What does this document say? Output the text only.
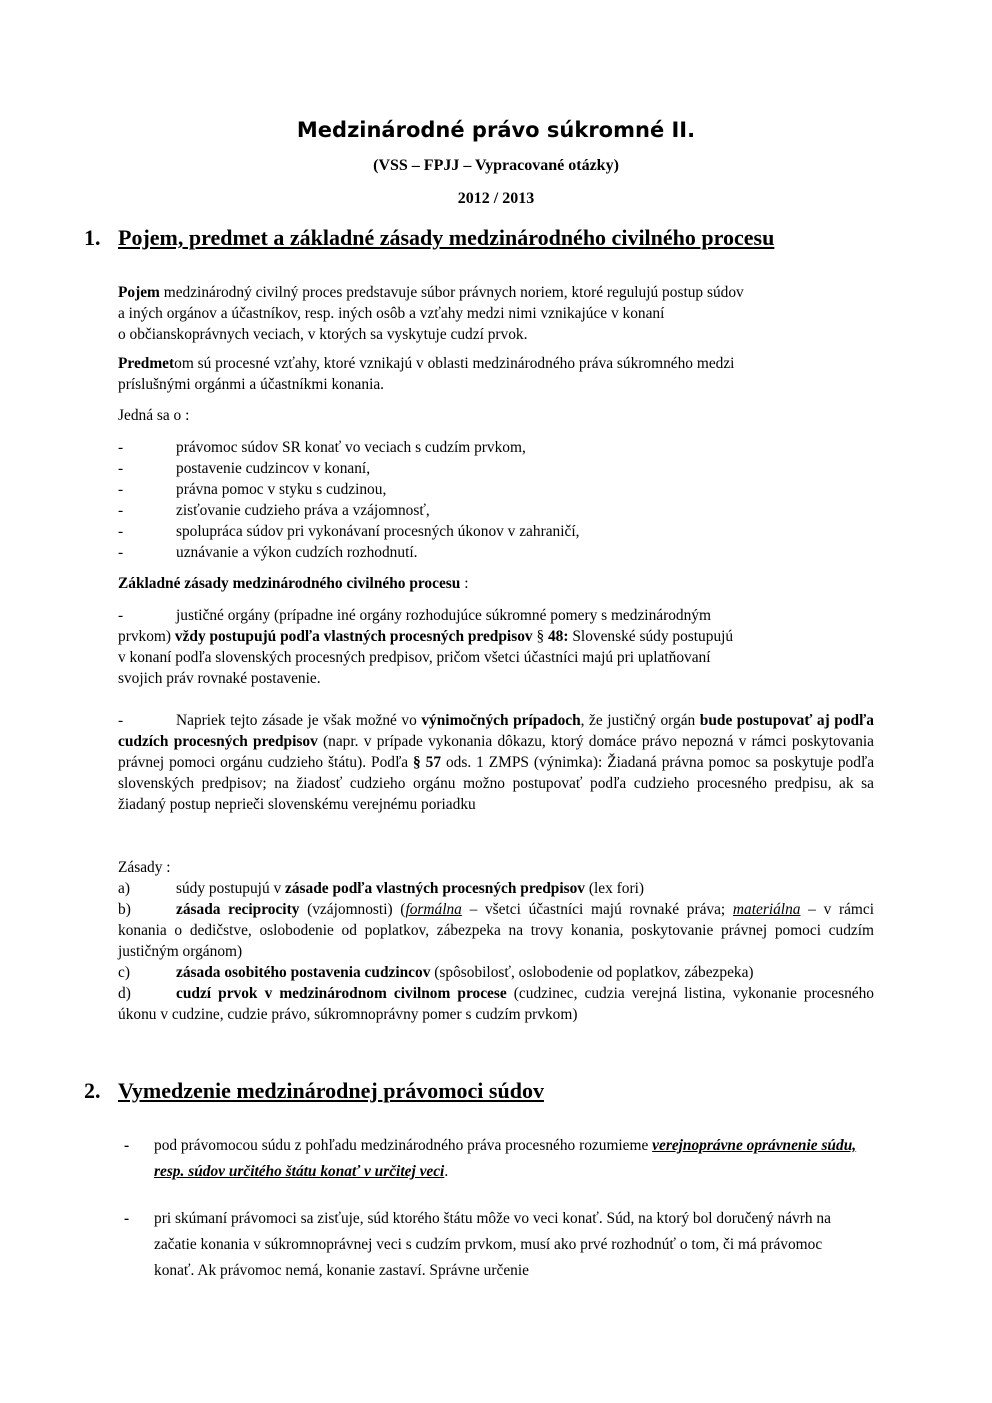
Medzinárodné právo súkromné II.
(VSS – FPJJ – Vypracované otázky)
2012 / 2013
1. Pojem, predmet a základné zásady medzinárodného civilného procesu

Pojem medzinárodný civilný proces predstavuje súbor právnych noriem, ktoré regulujú postup súdov

a iných orgánov a účastníkov, resp. iných osôb a vzťahy medzi nimi vznikajúce v konaní

o občianskoprávnych veciach, v ktorých sa vyskytuje cudzí prvok.

Predmetom sú procesné vzťahy, ktoré vznikajú v oblasti medzinárodného práva súkromného medzi

príslušnými orgánmi a účastníkmi konania.

Jedná sa o :

-	právomoc súdov SR konať vo veciach s cudzím prvkom,
-	postavenie cudzincov v konaní,
-	právna pomoc v styku s cudzinou,
-	zisťovanie cudzieho práva a vzájomnosť,
-	spolupráca súdov pri vykonávaní procesných úkonov v zahraničí,
-	uznávanie a výkon cudzích rozhodnutí.

Základné zásady medzinárodného civilného procesu :

-	justičné orgány (prípadne iné orgány rozhodujúce súkromné pomery s medzinárodným

prvkom) vždy postupujú podľa vlastných procesných predpisov § 48: Slovenské súdy postupujú

v konaní podľa slovenských procesných predpisov, pričom všetci účastníci majú pri uplatňovaní

svojich práv rovnaké postavenie.

-	Napriek tejto zásade je však možné vo výnimočných prípadoch, že justičný orgán bude postupovať aj podľa cudzích procesných predpisov (napr. v prípade vykonania dôkazu, ktorý domáce právo nepozná v rámci poskytovania právnej pomoci orgánu cudzieho štátu). Podľa § 57 ods. 1 ZMPS (výnimka): Žiadaná právna pomoc sa poskytuje podľa slovenských predpisov; na žiadosť cudzieho orgánu možno postupovať podľa cudzieho procesného predpisu, ak sa žiadaný postup neprieči slovenskému verejnému poriadku

Zásady :

a)	súdy postupujú v zásade podľa vlastných procesných predpisov (lex fori)

b)	zásada reciprocity (vzájomnosti) (formálna – všetci účastníci majú rovnaké práva; materiálna – v rámci konania o dedičstve, oslobodenie od poplatkov, zábezpeka na trovy konania, poskytovanie právnej pomoci cudzím justičným orgánom)

c)	zásada osobitého postavenia cudzincov (spôsobilosť, oslobodenie od poplatkov, zábezpeka)

d)	cudzí prvok v medzinárodnom civilnom procese (cudzinec, cudzia verejná listina, vykonanie procesného úkonu v cudzine, cudzie právo, súkromnoprávny pomer s cudzím prvkom)

2. Vymedzenie medzinárodnej právomoci súdov
-	pod právomocou súdu z pohľadu medzinárodného práva procesného rozumieme verejnoprávne oprávnenie súdu, resp. súdov určitého štátu konať v určitej veci.
-	pri skúmaní právomoci sa zisťuje, súd ktorého štátu môže vo veci konať. Súd, na ktorý bol doručený návrh na začatie konania v súkromnoprávnej veci s cudzím prvkom, musí ako prvé rozhodnúť o tom, či má právomoc konať. Ak právomoc nemá, konanie zastaví. Správne určenie
